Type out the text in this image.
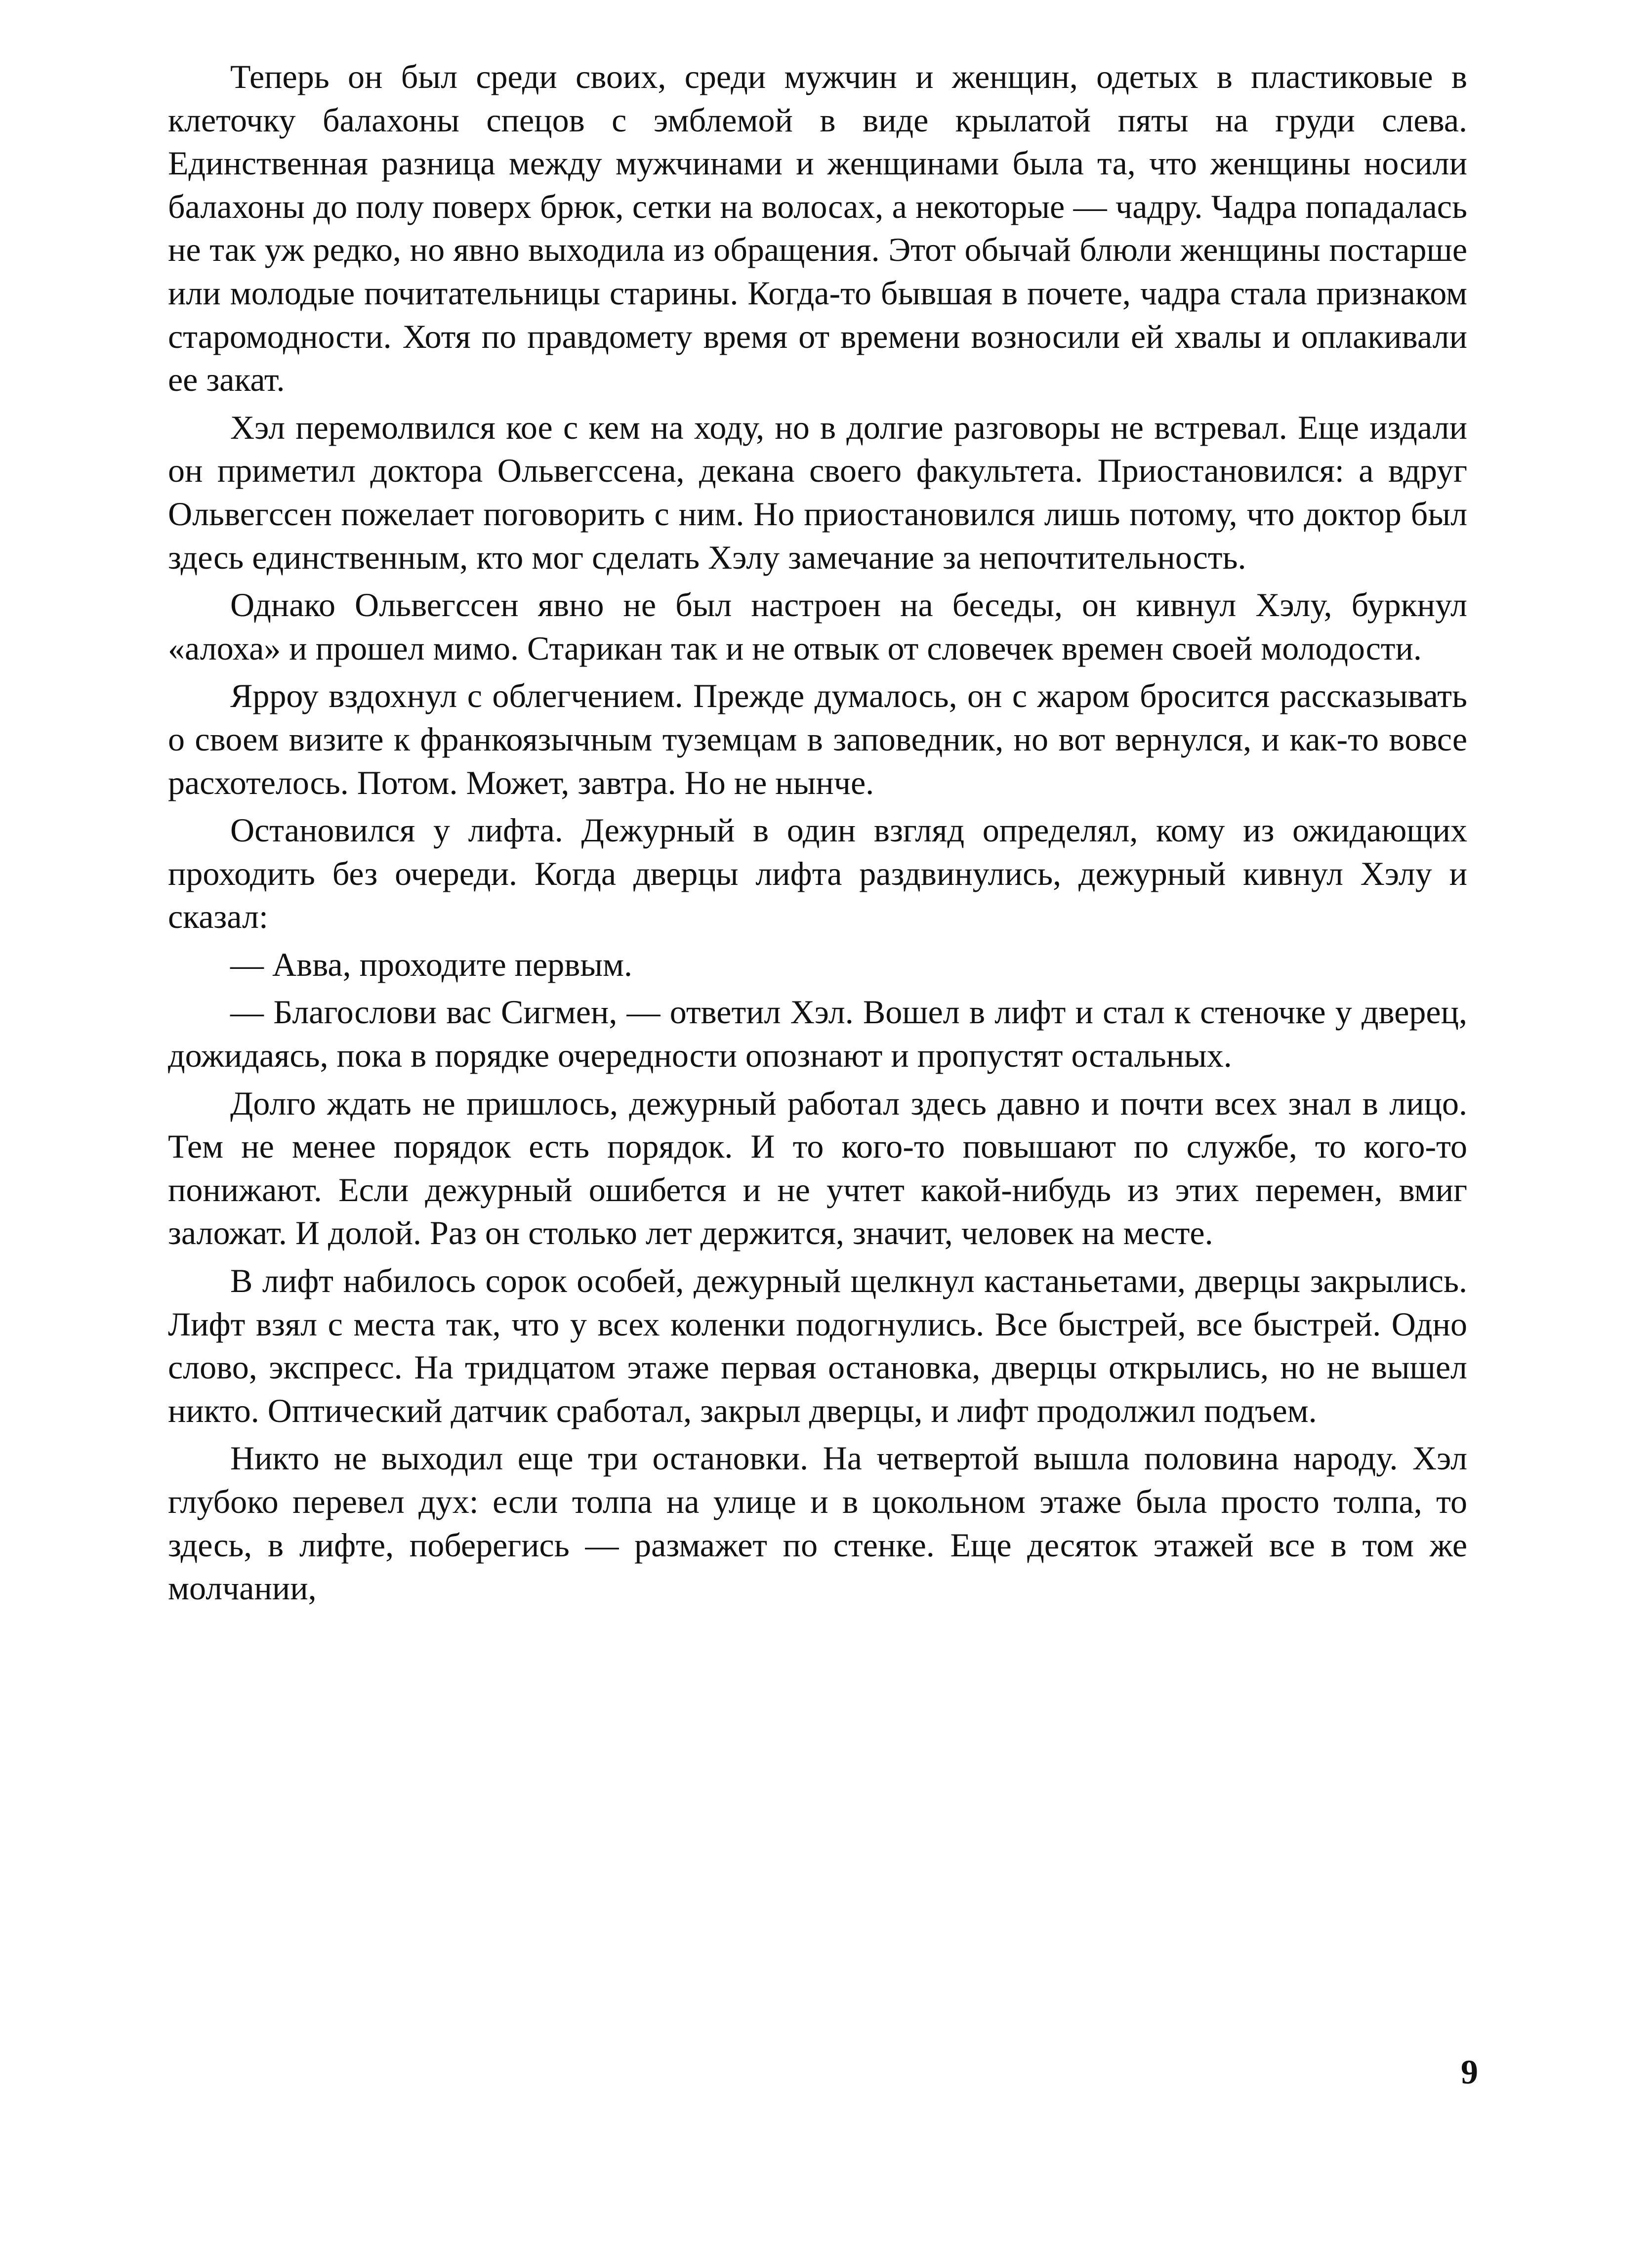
Теперь он был среди своих, среди мужчин и женщин, одетых в пластиковые в клеточку балахоны спецов с эмблемой в виде крылатой пяты на груди слева. Единственная разница между мужчинами и женщинами была та, что женщины носили балахоны до полу поверх брюк, сетки на волосах, а некоторые — чадру. Чадра попадалась не так уж редко, но явно выходила из обращения. Этот обычай блюли женщины постарше или молодые почитательницы старины. Когда-то бывшая в почете, чадра стала признаком старомодности. Хотя по правдомету время от времени возносили ей хвалы и оплакивали ее закат.

Хэл перемолвился кое с кем на ходу, но в долгие разговоры не встревал. Еще издали он приметил доктора Ольвегссена, декана своего факультета. Приостановился: а вдруг Ольвегссен пожелает поговорить с ним. Но приостановился лишь потому, что доктор был здесь единственным, кто мог сделать Хэлу замечание за непочтительность.

Однако Ольвегссен явно не был настроен на беседы, он кивнул Хэлу, буркнул «алоха» и прошел мимо. Старикан так и не отвык от словечек времен своей молодости.

Ярроу вздохнул с облегчением. Прежде думалось, он с жаром бросится рассказывать о своем визите к франкоязычным туземцам в заповедник, но вот вернулся, и как-то вовсе расхотелось. Потом. Может, завтра. Но не нынче.

Остановился у лифта. Дежурный в один взгляд определял, кому из ожидающих проходить без очереди. Когда дверцы лифта раздвинулись, дежурный кивнул Хэлу и сказал:

— Авва, проходите первым.

— Благослови вас Сигмен, — ответил Хэл. Вошел в лифт и стал к стеночке у дверец, дожидаясь, пока в порядке очередности опознают и пропустят остальных.

Долго ждать не пришлось, дежурный работал здесь давно и почти всех знал в лицо. Тем не менее порядок есть порядок. И то кого-то повышают по службе, то кого-то понижают. Если дежурный ошибется и не учтет какой-нибудь из этих перемен, вмиг заложат. И долой. Раз он столько лет держится, значит, человек на месте.

В лифт набилось сорок особей, дежурный щелкнул кастаньетами, дверцы закрылись. Лифт взял с места так, что у всех коленки подогнулись. Все быстрей, все быстрей. Одно слово, экспресс. На тридцатом этаже первая остановка, дверцы открылись, но не вышел никто. Оптический датчик сработал, закрыл дверцы, и лифт продолжил подъем.

Никто не выходил еще три остановки. На четвертой вышла половина народу. Хэл глубоко перевел дух: если толпа на улице и в цокольном этаже была просто толпа, то здесь, в лифте, поберегись — размажет по стенке. Еще десяток этажей все в том же молчании,

9
